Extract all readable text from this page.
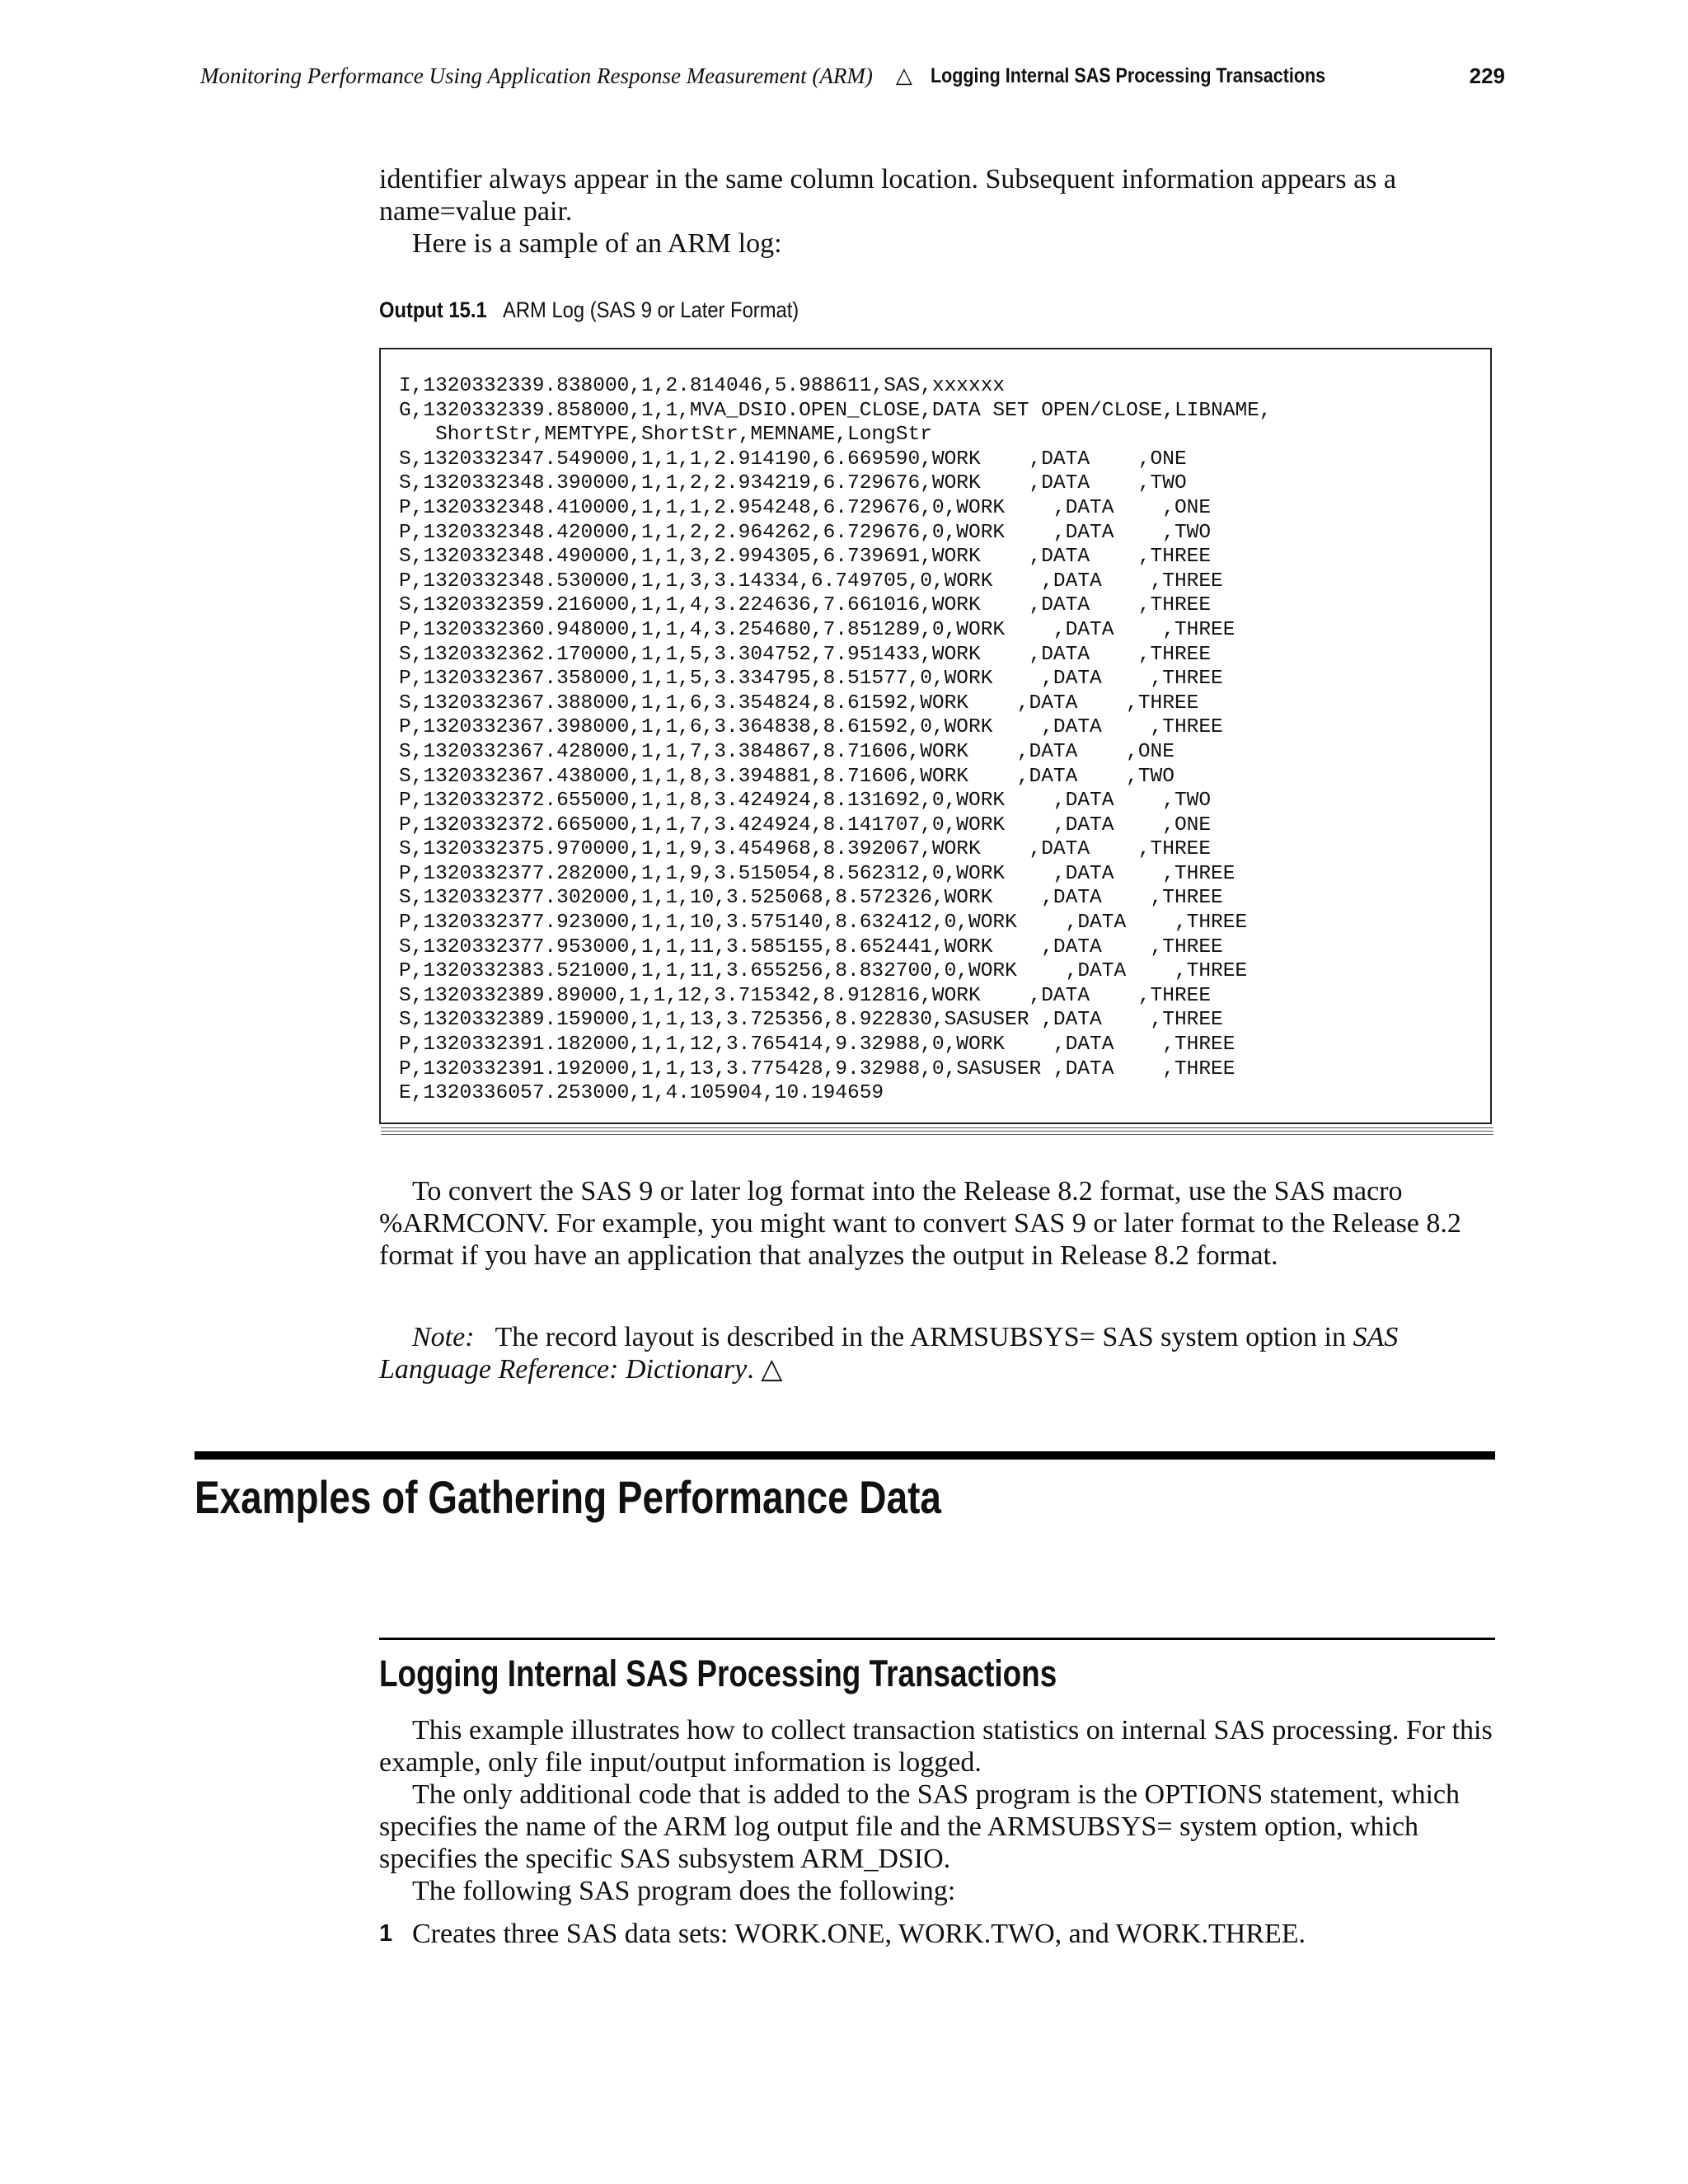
Monitoring Performance Using Application Response Measurement (ARM) △ Logging Internal SAS Processing Transactions	229

identifier always appear in the same column location. Subsequent information appears as a name=value pair.

Here is a sample of an ARM log:

Output 15.1 ARM Log (SAS 9 or Later Format)
I,1320332339.838000,1,2.814046,5.988611,SAS,xxxxxx
G,1320332339.858000,1,1,MVA_DSIO.OPEN_CLOSE,DATA SET OPEN/CLOSE,LIBNAME,
ShortStr,MEMTYPE,ShortStr,MEMNAME,LongStr
S,1320332347.549000,1,1,1,2.914190,6.669590,WORK    ,DATA    ,ONE
S,1320332348.390000,1,1,2,2.934219,6.729676,WORK    ,DATA    ,TWO
P,1320332348.410000,1,1,1,2.954248,6.729676,0,WORK    ,DATA    ,ONE
P,1320332348.420000,1,1,2,2.964262,6.729676,0,WORK    ,DATA    ,TWO
S,1320332348.490000,1,1,3,2.994305,6.739691,WORK    ,DATA    ,THREE
P,1320332348.530000,1,1,3,3.14334,6.749705,0,WORK    ,DATA    ,THREE
S,1320332359.216000,1,1,4,3.224636,7.661016,WORK    ,DATA    ,THREE
P,1320332360.948000,1,1,4,3.254680,7.851289,0,WORK    ,DATA    ,THREE
S,1320332362.170000,1,1,5,3.304752,7.951433,WORK    ,DATA    ,THREE
P,1320332367.358000,1,1,5,3.334795,8.51577,0,WORK    ,DATA    ,THREE
S,1320332367.388000,1,1,6,3.354824,8.61592,WORK    ,DATA    ,THREE
P,1320332367.398000,1,1,6,3.364838,8.61592,0,WORK    ,DATA    ,THREE
S,1320332367.428000,1,1,7,3.384867,8.71606,WORK    ,DATA    ,ONE
S,1320332367.438000,1,1,8,3.394881,8.71606,WORK    ,DATA    ,TWO
P,1320332372.655000,1,1,8,3.424924,8.131692,0,WORK    ,DATA    ,TWO
P,1320332372.665000,1,1,7,3.424924,8.141707,0,WORK    ,DATA    ,ONE
S,1320332375.970000,1,1,9,3.454968,8.392067,WORK    ,DATA    ,THREE
P,1320332377.282000,1,1,9,3.515054,8.562312,0,WORK    ,DATA    ,THREE
S,1320332377.302000,1,1,10,3.525068,8.572326,WORK    ,DATA    ,THREE
P,1320332377.923000,1,1,10,3.575140,8.632412,0,WORK    ,DATA    ,THREE
S,1320332377.953000,1,1,11,3.585155,8.652441,WORK    ,DATA    ,THREE
P,1320332383.521000,1,1,11,3.655256,8.832700,0,WORK    ,DATA    ,THREE
S,1320332389.89000,1,1,12,3.715342,8.912816,WORK    ,DATA    ,THREE
S,1320332389.159000,1,1,13,3.725356,8.922830,SASUSER ,DATA    ,THREE
P,1320332391.182000,1,1,12,3.765414,9.32988,0,WORK    ,DATA    ,THREE
P,1320332391.192000,1,1,13,3.775428,9.32988,0,SASUSER ,DATA    ,THREE
E,1320336057.253000,1,4.105904,10.194659

To convert the SAS 9 or later log format into the Release 8.2 format, use the SAS macro %ARMCONV. For example, you might want to convert SAS 9 or later format to the Release 8.2 format if you have an application that analyzes the output in Release 8.2 format.

Note: The record layout is described in the ARMSUBSYS= SAS system option in SAS Language Reference: Dictionary. △

Examples of Gathering Performance Data
Logging Internal SAS Processing Transactions

This example illustrates how to collect transaction statistics on internal SAS processing. For this example, only file input/output information is logged.

The only additional code that is added to the SAS program is the OPTIONS statement, which specifies the name of the ARM log output file and the ARMSUBSYS= system option, which specifies the specific SAS subsystem ARM_DSIO.

The following SAS program does the following:

1 Creates three SAS data sets: WORK.ONE, WORK.TWO, and WORK.THREE.
